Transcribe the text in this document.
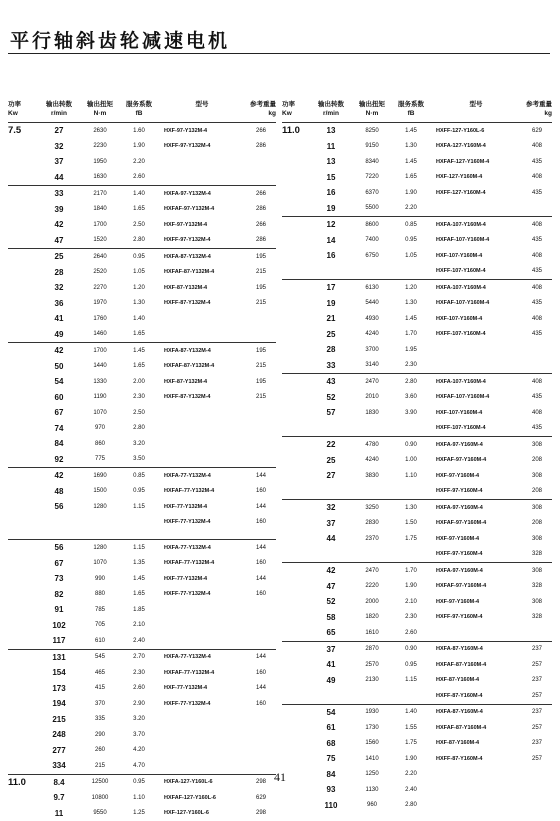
平行轴斜齿轮减速电机
功率
Kw	输出转数
r/min	输出扭矩
N·m	服务系数
fB	型号	参考重量
kg
7.5	27	2630	1.60	HXF-97-Y132M-4	266
	32	2230	1.90	HXFF-97-Y132M-4	286
	37	1950	2.20		
	44	1630	2.60		
	33	2170	1.40	HXFA-97-Y132M-4	266
	39	1840	1.65	HXFAF-97-Y132M-4	286
	42	1700	2.50	HXF-97-Y132M-4	266
	47	1520	2.80	HXFF-97-Y132M-4	286
	25	2640	0.95	HXFA-87-Y132M-4	195
	28	2520	1.05	HXFAF-87-Y132M-4	215
	32	2270	1.20	HXF-87-Y132M-4	195
	36	1970	1.30	HXFF-87-Y132M-4	215
	41	1760	1.40		
	49	1460	1.65		
	42	1700	1.45	HXFA-87-Y132M-4	195
	50	1440	1.65	HXFAF-87-Y132M-4	215
	54	1330	2.00	HXF-87-Y132M-4	195
	60	1190	2.30	HXFF-87-Y132M-4	215
	67	1070	2.50		
	74	970	2.80		
	84	860	3.20		
	92	775	3.50		
	42	1690	0.85	HXFA-77-Y132M-4	144
	48	1500	0.95	HXFAF-77-Y132M-4	160
	56	1280	1.15	HXF-77-Y132M-4	144
				HXFF-77-Y132M-4	160

	56	1280	1.15	HXFA-77-Y132M-4	144
	67	1070	1.35	HXFAF-77-Y132M-4	160
	73	990	1.45	HXF-77-Y132M-4	144
	82	880	1.65	HXFF-77-Y132M-4	160
	91	785	1.85		
	102	705	2.10		
	117	610	2.40		
	131	545	2.70	HXFA-77-Y132M-4	144
	154	465	2.30	HXFAF-77-Y132M-4	160
	173	415	2.60	HXF-77-Y132M-4	144
	194	370	2.90	HXFF-77-Y132M-4	160
	215	335	3.20		
	248	290	3.70		
	277	260	4.20		
	334	215	4.70		
11.0	8.4	12500	0.95	HXFA-127-Y160L-6	298
	9.7	10800	1.10	HXFAF-127-Y160L-6	629
	11	9550	1.25	HXF-127-Y160L-6	298
功率
Kw	输出转数
r/min	输出扭矩
N·m	服务系数
fB	型号	参考重量
kg
11.0	13	8250	1.45	HXFF-127-Y160L-6	629
	11	9150	1.30	HXFA-127-Y160M-4	408
	13	8340	1.45	HXFAF-127-Y160M-4	435
	15	7220	1.65	HXF-127-Y160M-4	408
	16	6370	1.90	HXFF-127-Y160M-4	435
	19	5500	2.20		
	12	8600	0.85	HXFA-107-Y160M-4	408
	14	7400	0.95	HXFAF-107-Y160M-4	435
	16	6750	1.05	HXF-107-Y160M-4	408
				HXFF-107-Y160M-4	435
	17	6130	1.20	HXFA-107-Y160M-4	408
	19	5440	1.30	HXFAF-107-Y160M-4	435
	21	4930	1.45	HXF-107-Y160M-4	408
	25	4240	1.70	HXFF-107-Y160M-4	435
	28	3700	1.95		
	33	3140	2.30		
	43	2470	2.80	HXFA-107-Y160M-4	408
	52	2010	3.60	HXFAF-107-Y160M-4	435
	57	1830	3.90	HXF-107-Y160M-4	408
				HXFF-107-Y160M-4	435
	22	4780	0.90	HXFA-97-Y160M-4	308
	25	4240	1.00	HXFAF-97-Y160M-4	208
	27	3830	1.10	HXF-97-Y160M-4	308
				HXFF-97-Y160M-4	208
	32	3250	1.30	HXFA-97-Y160M-4	308
	37	2830	1.50	HXFAF-97-Y160M-4	208
	44	2370	1.75	HXF-97-Y160M-4	308
				HXFF-97-Y160M-4	328
	42	2470	1.70	HXFA-97-Y160M-4	308
	47	2220	1.90	HXFAF-97-Y160M-4	328
	52	2000	2.10	HXF-97-Y160M-4	308
	58	1820	2.30	HXFF-97-Y160M-4	328
	65	1610	2.60		
	37	2870	0.90	HXFA-87-Y160M-4	237
	41	2570	0.95	HXFAF-87-Y160M-4	257
	49	2130	1.15	HXF-87-Y160M-4	237
				HXFF-87-Y160M-4	257
	54	1930	1.40	HXFA-87-Y160M-4	237
	61	1730	1.55	HXFAF-87-Y160M-4	257
	68	1560	1.75	HXF-87-Y160M-4	237
	75	1410	1.90	HXFF-87-Y160M-4	257
	84	1250	2.20		
	93	1130	2.40		
	110	960	2.80		
41
